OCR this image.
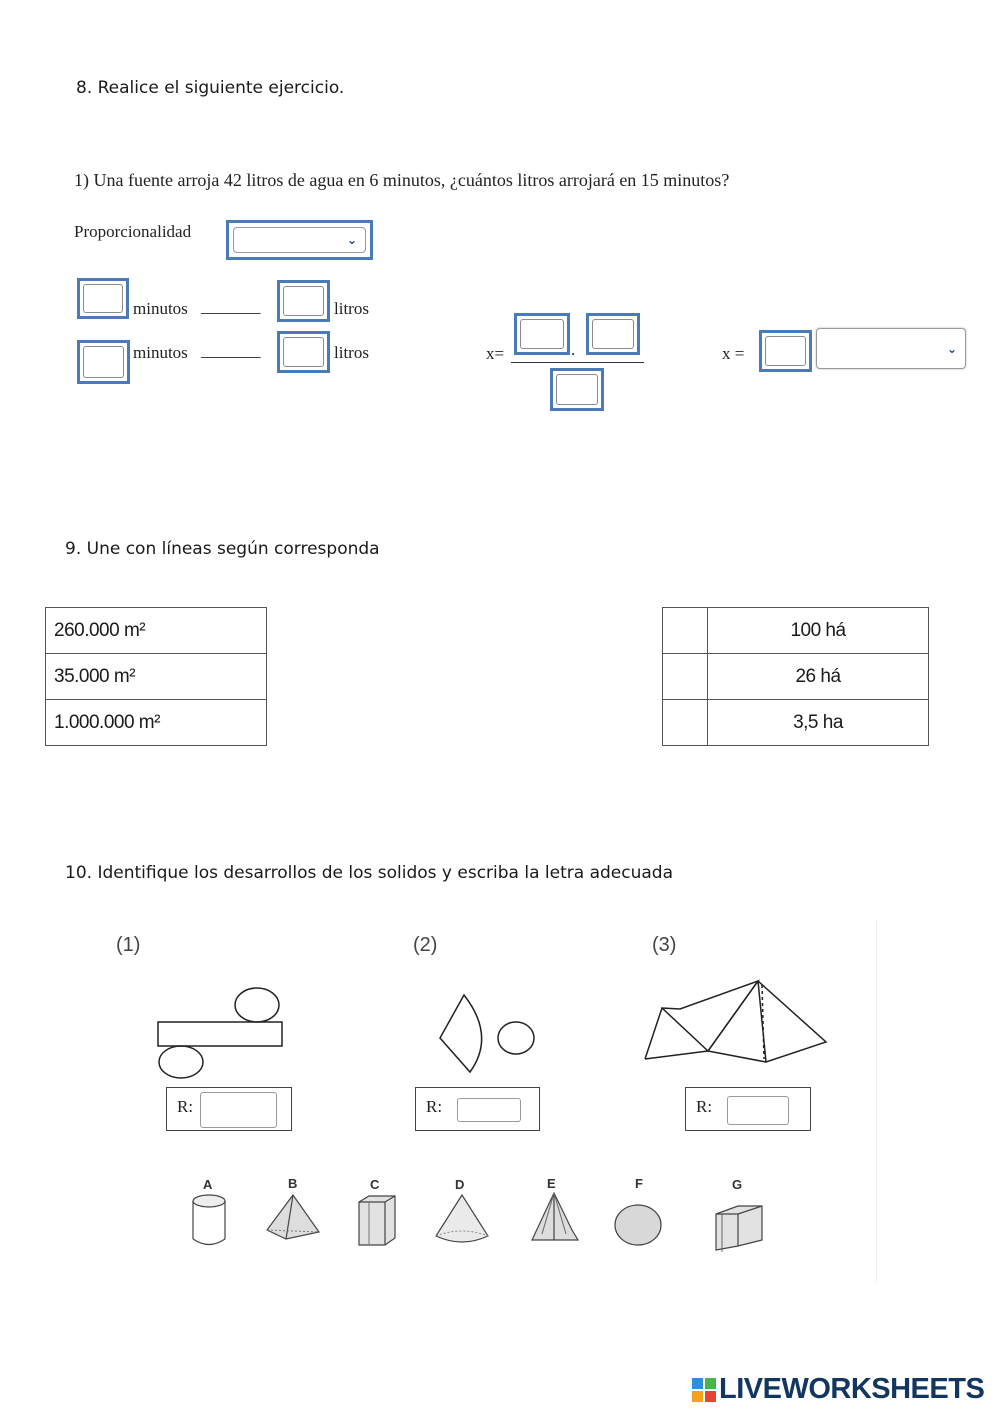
8. Realice el siguiente ejercicio.
1) Una fuente arroja 42 litros de agua en 6 minutos, ¿cuántos litros arrojará en 15 minutos?
Proporcionalidad	⌄
minutos _______	litros
minutos _______	litros	x=	.	x =	⌄
9. Une con líneas según corresponda
260.000 m²
35.000 m²
1.000.000 m²
	100 há
	26 há
	3,5 ha
10. Identifique los desarrollos de los solidos y escriba la letra adecuada
(1)	(2)	(3)
R:	R:	R:
A	B	C	D	E	F	G
LIVEWORKSHEETS
